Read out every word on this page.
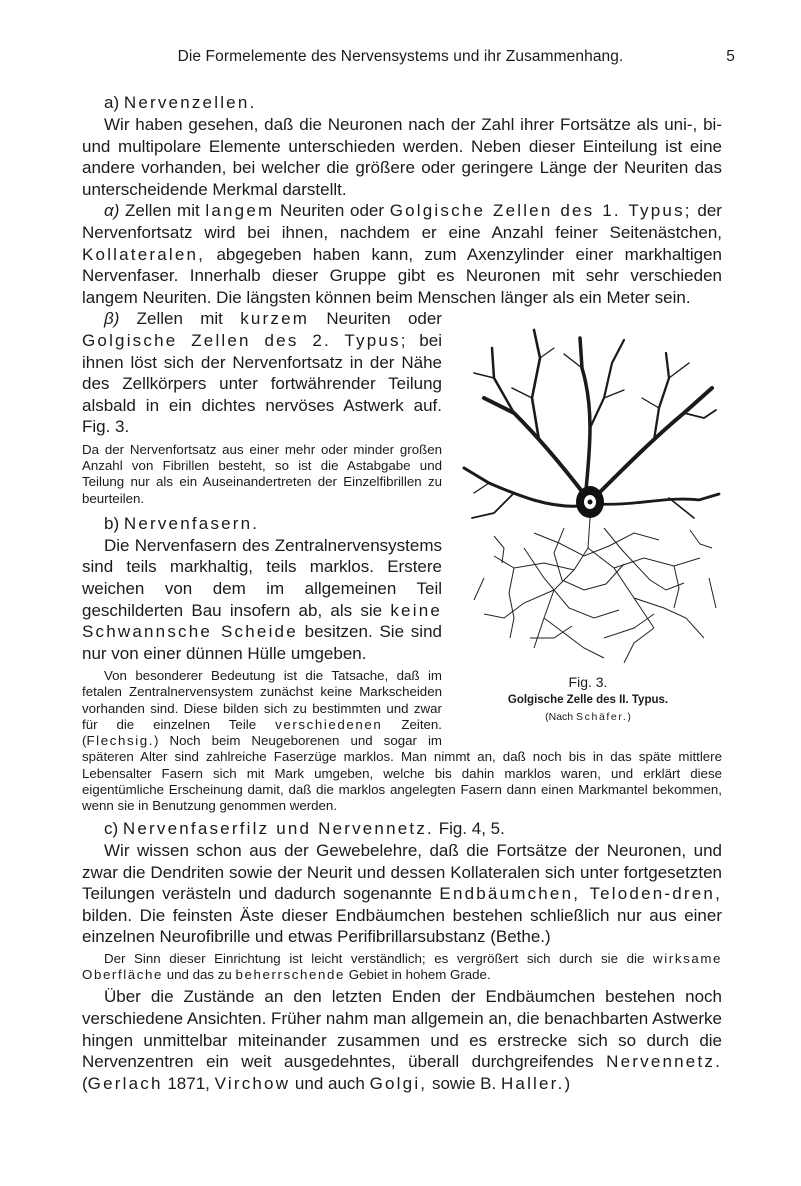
Die Formelemente des Nervensystems und ihr Zusammenhang.	5

a) Nervenzellen.

Wir haben gesehen, daß die Neuronen nach der Zahl ihrer Fortsätze als uni-, bi- und multipolare Elemente unterschieden werden. Neben dieser Einteilung ist eine andere vorhanden, bei welcher die größere oder geringere Länge der Neuriten das unterscheidende Merkmal darstellt.

α) Zellen mit langem Neuriten oder Golgische Zellen des 1. Typus; der Nervenfortsatz wird bei ihnen, nachdem er eine Anzahl feiner Seitenästchen, Kollateralen, abgegeben haben kann, zum Axenzylinder einer markhaltigen Nervenfaser. Innerhalb dieser Gruppe gibt es Neuronen mit sehr verschieden langem Neuriten. Die längsten können beim Menschen länger als ein Meter sein.

Fig. 3.
Golgische Zelle des II. Typus.
(Nach Schäfer.)

β) Zellen mit kurzem Neuriten oder Golgische Zellen des 2. Typus; bei ihnen löst sich der Nervenfortsatz in der Nähe des Zellkörpers unter fortwährender Teilung alsbald in ein dichtes nervöses Astwerk auf. Fig. 3.

Da der Nervenfortsatz aus einer mehr oder minder großen Anzahl von Fibrillen besteht, so ist die Astabgabe und Teilung nur als ein Auseinandertreten der Einzelfibrillen zu beurteilen.

b) Nervenfasern.

Die Nervenfasern des Zentralnervensystems sind teils markhaltig, teils marklos. Erstere weichen von dem im allgemeinen Teil geschilderten Bau insofern ab, als sie keine Schwannsche Scheide besitzen. Sie sind nur von einer dünnen Hülle umgeben.

Von besonderer Bedeutung ist die Tatsache, daß im fetalen Zentralnervensystem zunächst keine Markscheiden vorhanden sind. Diese bilden sich zu bestimmten und zwar für die einzelnen Teile verschiedenen Zeiten. (Flechsig.) Noch beim Neugeborenen und sogar im späteren Alter sind zahlreiche Faserzüge marklos. Man nimmt an, daß noch bis in das späte mittlere Lebensalter Fasern sich mit Mark umgeben, welche bis dahin marklos waren, und erklärt diese eigentümliche Erscheinung damit, daß die marklos angelegten Fasern dann einen Markmantel bekommen, wenn sie in Benutzung genommen werden.

c) Nervenfaserfilz und Nervennetz. Fig. 4, 5.

Wir wissen schon aus der Gewebelehre, daß die Fortsätze der Neuronen, und zwar die Dendriten sowie der Neurit und dessen Kollateralen sich unter fortgesetzten Teilungen verästeln und dadurch sogenannte Endbäumchen, Teloden-dren, bilden. Die feinsten Äste dieser Endbäumchen bestehen schließlich nur aus einer einzelnen Neurofibrille und etwas Perifibrillarsubstanz (Bethe.)

Der Sinn dieser Einrichtung ist leicht verständlich; es vergrößert sich durch sie die wirksame Oberfläche und das zu beherrschende Gebiet in hohem Grade.

Über die Zustände an den letzten Enden der Endbäumchen bestehen noch verschiedene Ansichten. Früher nahm man allgemein an, die benachbarten Astwerke hingen unmittelbar miteinander zusammen und es erstrecke sich so durch die Nervenzentren ein weit ausgedehntes, überall durchgreifendes Nervennetz. (Gerlach 1871, Virchow und auch Golgi, sowie B. Haller.)
